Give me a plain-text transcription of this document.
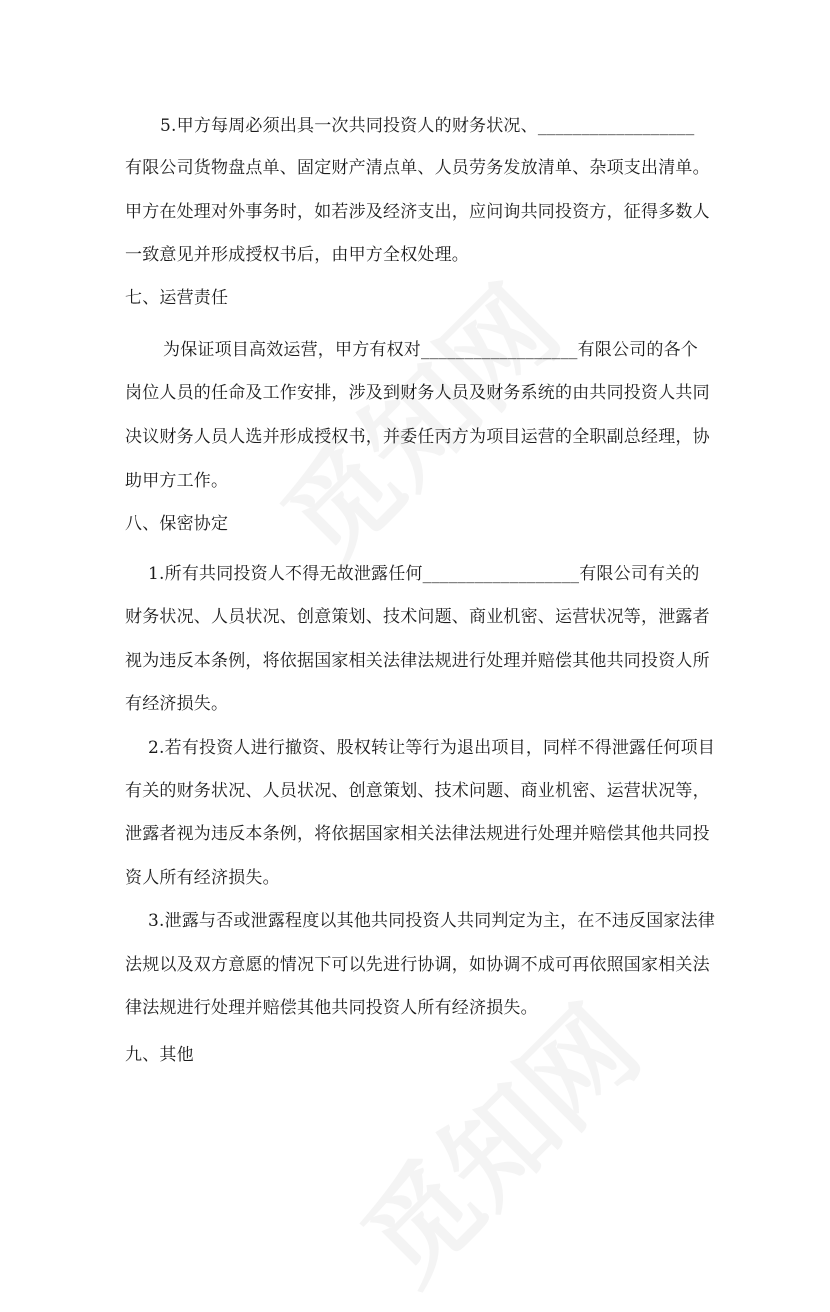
5.甲方每周必须出具一次共同投资人的财务状况、__________________
有限公司货物盘点单、固定财产清点单、人员劳务发放清单、杂项支出清单。
甲方在处理对外事务时，如若涉及经济支出，应问询共同投资方，征得多数人
一致意见并形成授权书后，由甲方全权处理。
七、运营责任
为保证项目高效运营，甲方有权对__________________有限公司的各个
岗位人员的任命及工作安排，涉及到财务人员及财务系统的由共同投资人共同
决议财务人员人选并形成授权书，并委任丙方为项目运营的全职副总经理，协
助甲方工作。
八、保密协定
1.所有共同投资人不得无故泄露任何__________________有限公司有关的
财务状况、人员状况、创意策划、技术问题、商业机密、运营状况等，泄露者
视为违反本条例，将依据国家相关法律法规进行处理并赔偿其他共同投资人所
有经济损失。
2.若有投资人进行撤资、股权转让等行为退出项目，同样不得泄露任何项目
有关的财务状况、人员状况、创意策划、技术问题、商业机密、运营状况等，
泄露者视为违反本条例，将依据国家相关法律法规进行处理并赔偿其他共同投
资人所有经济损失。
3.泄露与否或泄露程度以其他共同投资人共同判定为主，在不违反国家法律
法规以及双方意愿的情况下可以先进行协调，如协调不成可再依照国家相关法
律法规进行处理并赔偿其他共同投资人所有经济损失。
九、其他
